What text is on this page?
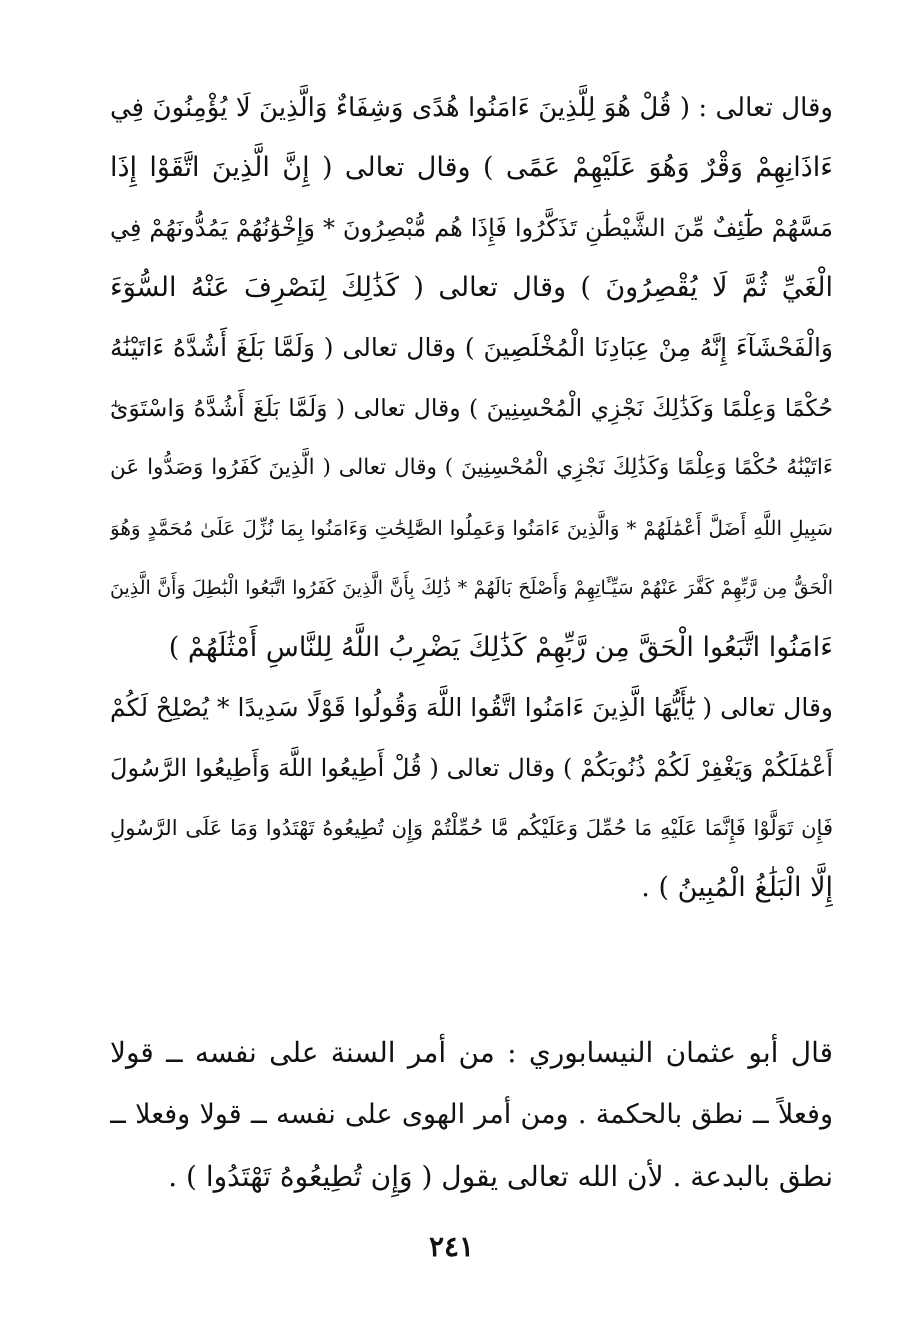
وقال تعالى : ( قُلْ هُوَ لِلَّذِينَ ءَامَنُوا هُدًى وَشِفَاءٌ وَالَّذِينَ لَا يُؤْمِنُونَ فِي
ءَاذَانِهِمْ وَقْرٌ وَهُوَ عَلَيْهِمْ عَمًى ) وقال تعالى ( إِنَّ الَّذِينَ اتَّقَوْا إِذَا
مَسَّهُمْ طَٰٓئِفٌ مِّنَ الشَّيْطَٰنِ تَذَكَّرُوا فَإِذَا هُم مُّبْصِرُونَ * وَإِخْوَٰنُهُمْ يَمُدُّونَهُمْ فِي
الْغَيِّ ثُمَّ لَا يُقْصِرُونَ ) وقال تعالى ( كَذَٰلِكَ لِنَصْرِفَ عَنْهُ السُّوٓءَ
وَالْفَحْشَآءَ إِنَّهُ مِنْ عِبَادِنَا الْمُخْلَصِينَ ) وقال تعالى ( وَلَمَّا بَلَغَ أَشُدَّهُ ءَاتَيْنَٰهُ
حُكْمًا وَعِلْمًا وَكَذَٰلِكَ نَجْزِي الْمُحْسِنِينَ ) وقال تعالى ( وَلَمَّا بَلَغَ أَشُدَّهُ وَاسْتَوَىٰٓ
ءَاتَيْنَٰهُ حُكْمًا وَعِلْمًا وَكَذَٰلِكَ نَجْزِي الْمُحْسِنِينَ ) وقال تعالى ( الَّذِينَ كَفَرُوا وَصَدُّوا عَن
سَبِيلِ اللَّهِ أَضَلَّ أَعْمَٰلَهُمْ * وَالَّذِينَ ءَامَنُوا وَعَمِلُوا الصَّٰلِحَٰتِ وَءَامَنُوا بِمَا نُزِّلَ عَلَىٰ مُحَمَّدٍ وَهُوَ
الْحَقُّ مِن رَّبِّهِمْ كَفَّرَ عَنْهُمْ سَيِّـَٔاتِهِمْ وَأَصْلَحَ بَالَهُمْ * ذَٰلِكَ بِأَنَّ الَّذِينَ كَفَرُوا اتَّبَعُوا الْبَٰطِلَ وَأَنَّ الَّذِينَ
ءَامَنُوا اتَّبَعُوا الْحَقَّ مِن رَّبِّهِمْ كَذَٰلِكَ يَضْرِبُ اللَّهُ لِلنَّاسِ أَمْثَٰلَهُمْ )
وقال تعالى ( يَٰٓأَيُّهَا الَّذِينَ ءَامَنُوا اتَّقُوا اللَّهَ وَقُولُوا قَوْلًا سَدِيدًا * يُصْلِحْ لَكُمْ
أَعْمَٰلَكُمْ وَيَغْفِرْ لَكُمْ ذُنُوبَكُمْ ) وقال تعالى ( قُلْ أَطِيعُوا اللَّهَ وَأَطِيعُوا الرَّسُولَ
فَإِن تَوَلَّوْا فَإِنَّمَا عَلَيْهِ مَا حُمِّلَ وَعَلَيْكُم مَّا حُمِّلْتُمْ وَإِن تُطِيعُوهُ تَهْتَدُوا وَمَا عَلَى الرَّسُولِ
إِلَّا الْبَلَٰغُ الْمُبِينُ ) .
قال أبو عثمان النيسابوري : من أمر السنة على نفسه ــ قولا
وفعلاً ــ نطق بالحكمة . ومن أمر الهوى على نفسه ــ قولا وفعلا ــ
نطق بالبدعة . لأن الله تعالى يقول ( وَإِن تُطِيعُوهُ تَهْتَدُوا ) .
٢٤١
